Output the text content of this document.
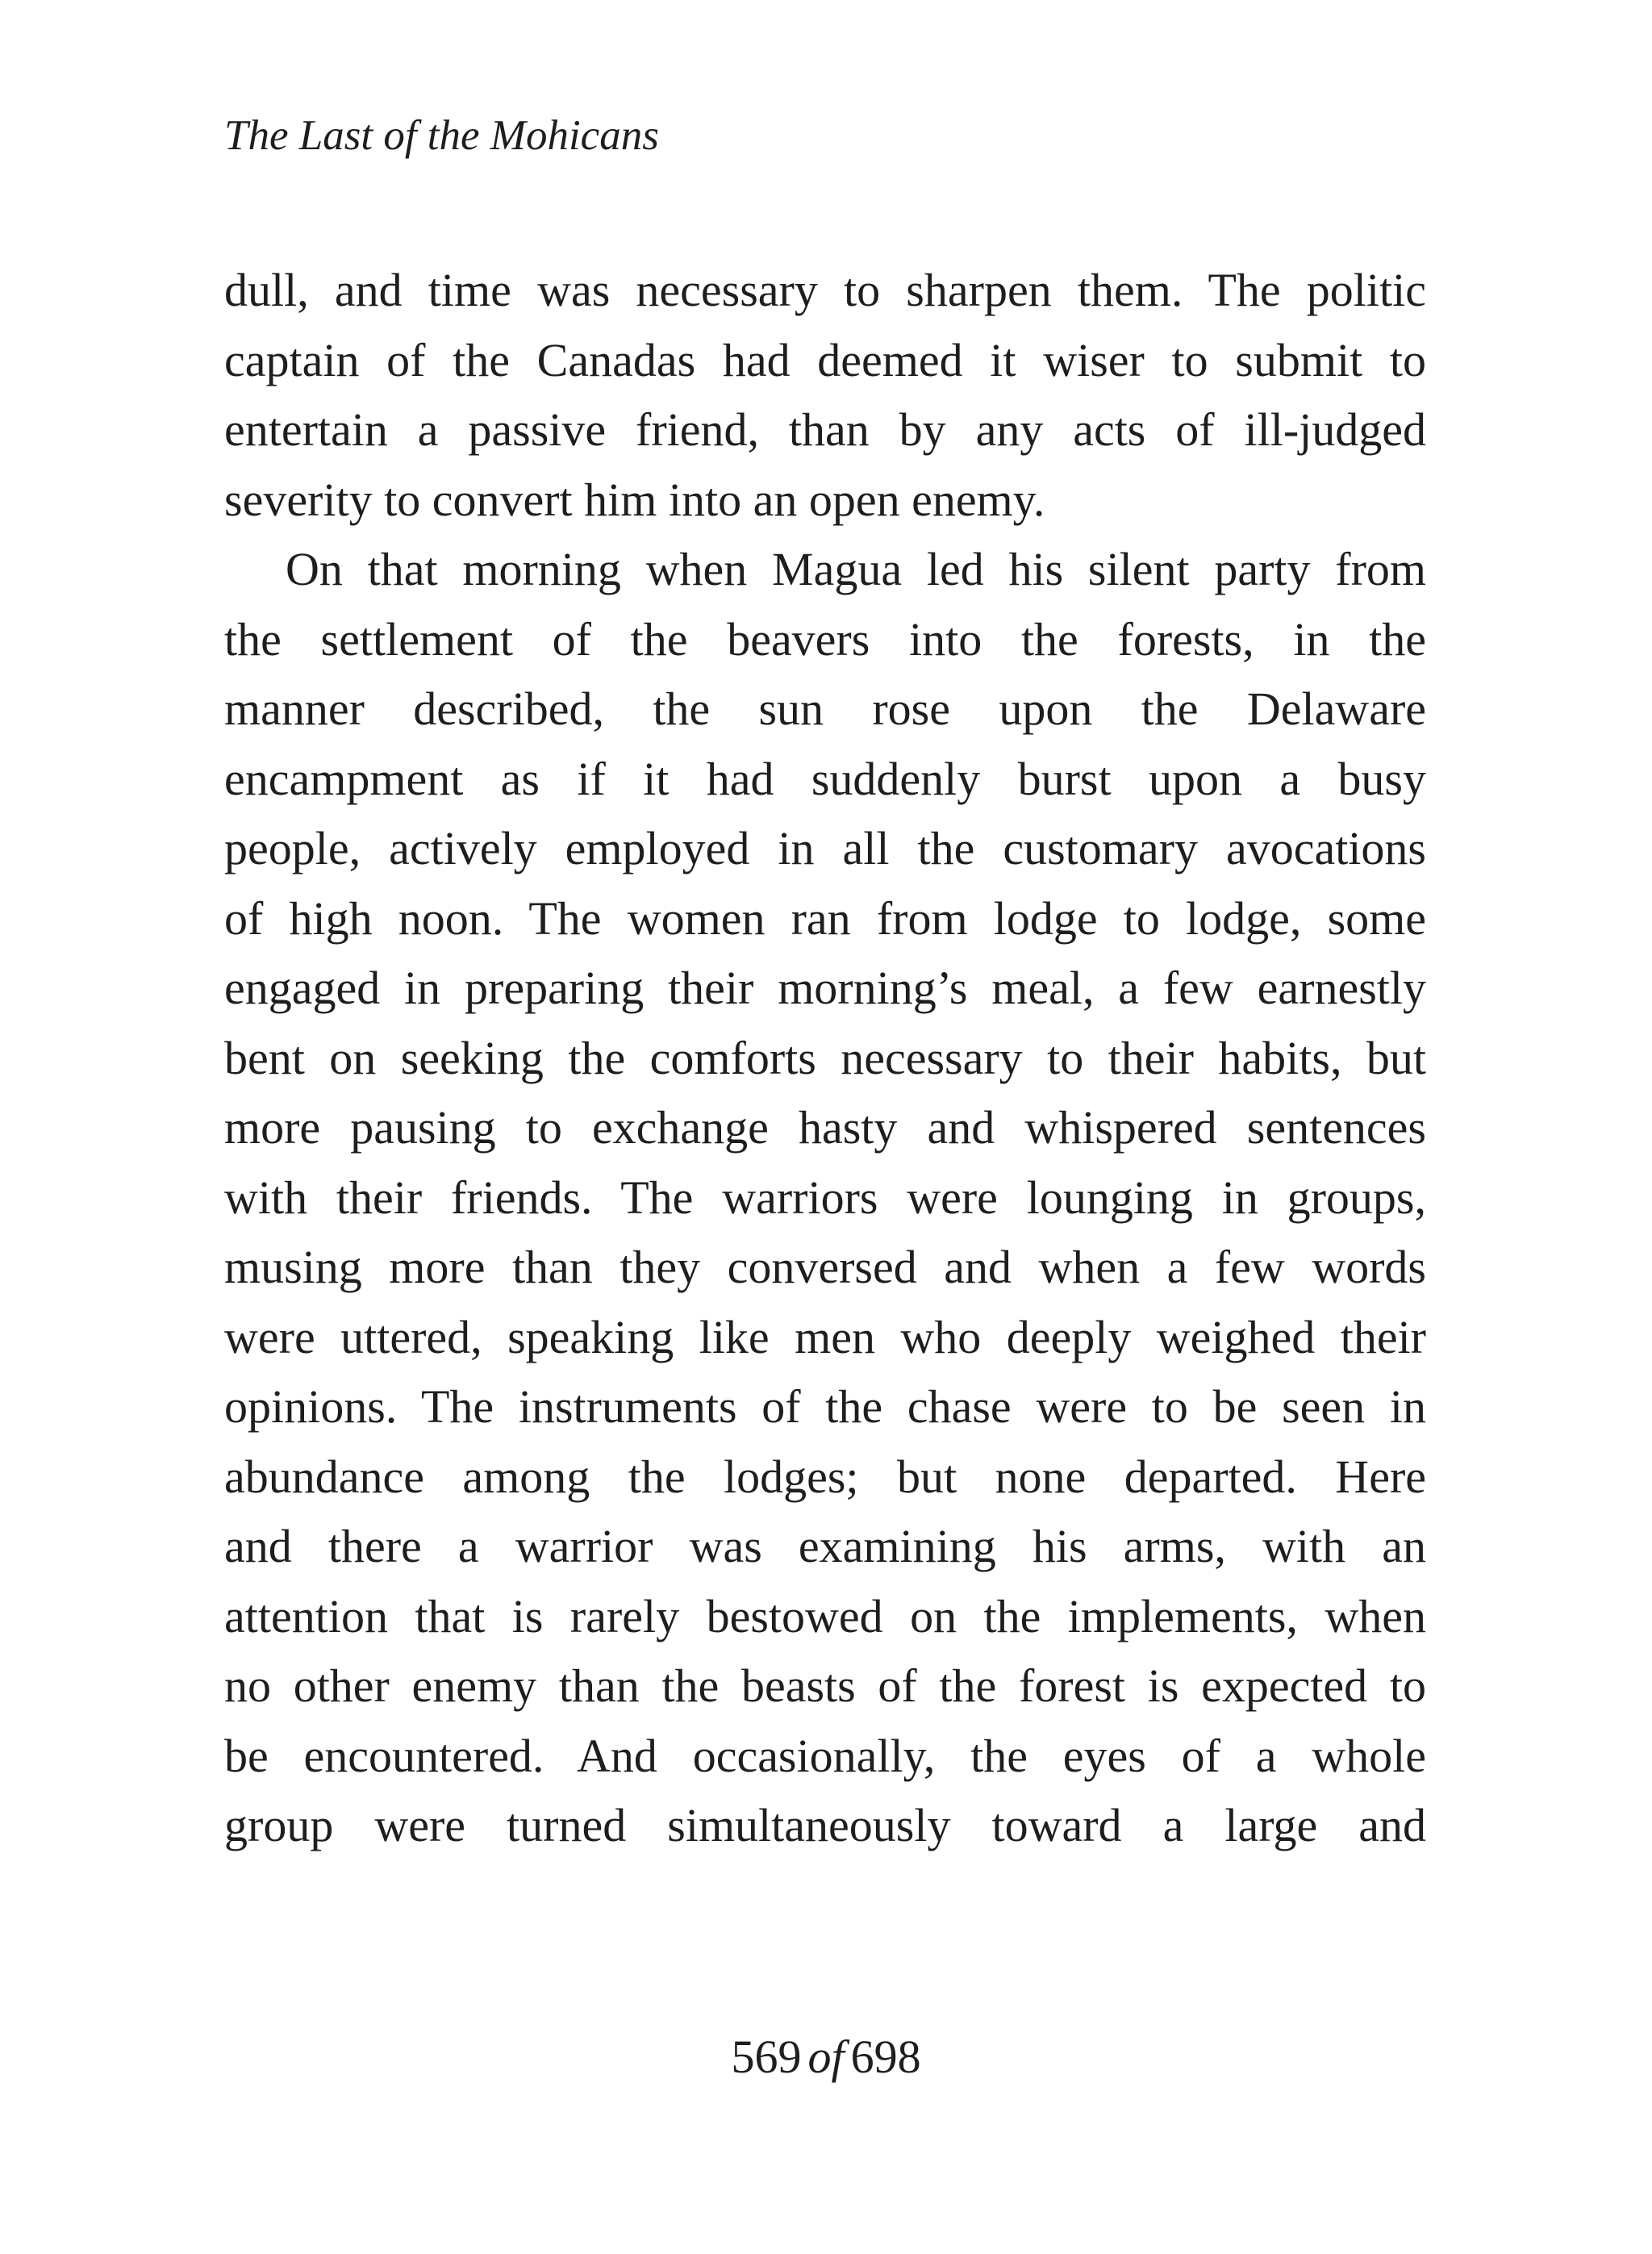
The Last of the Mohicans

dull, and time was necessary to sharpen them. The politic
captain of the Canadas had deemed it wiser to submit to
entertain a passive friend, than by any acts of ill-judged
severity to convert him into an open enemy.

On that morning when Magua led his silent party from
the settlement of the beavers into the forests, in the
manner described, the sun rose upon the Delaware
encampment as if it had suddenly burst upon a busy
people, actively employed in all the customary avocations
of high noon. The women ran from lodge to lodge, some
engaged in preparing their morning’s meal, a few earnestly
bent on seeking the comforts necessary to their habits, but
more pausing to exchange hasty and whispered sentences
with their friends. The warriors were lounging in groups,
musing more than they conversed and when a few words
were uttered, speaking like men who deeply weighed their
opinions. The instruments of the chase were to be seen in
abundance among the lodges; but none departed. Here
and there a warrior was examining his arms, with an
attention that is rarely bestowed on the implements, when
no other enemy than the beasts of the forest is expected to
be encountered. And occasionally, the eyes of a whole
group were turned simultaneously toward a large and

569 of 698
